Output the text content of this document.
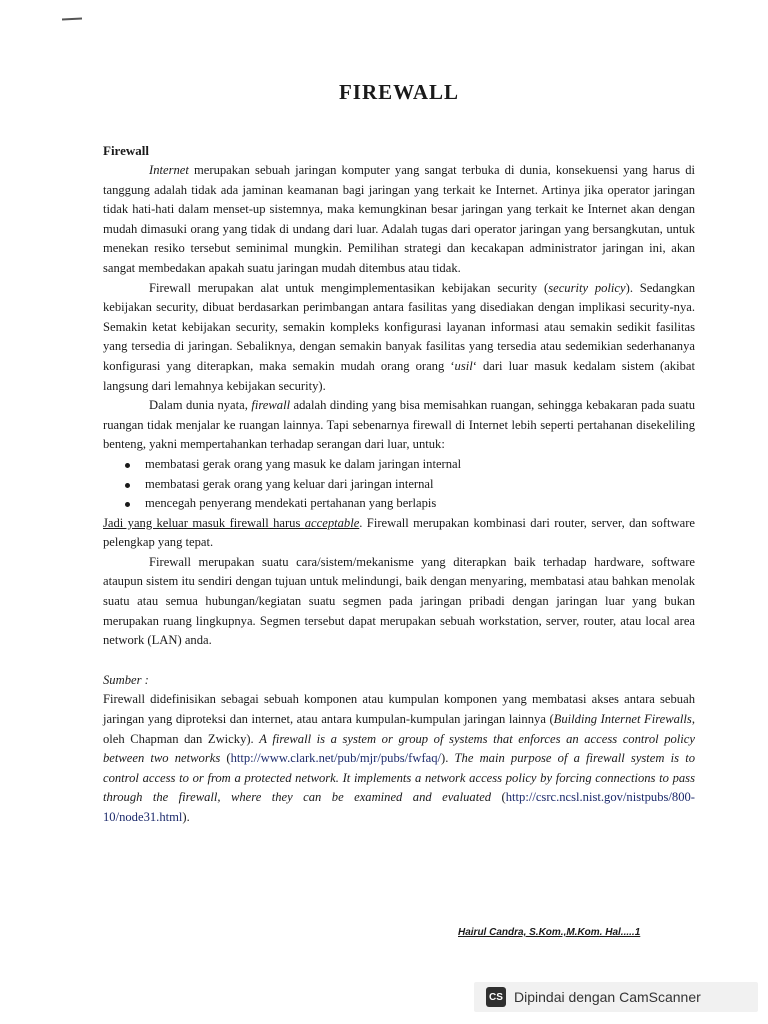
FIREWALL
Firewall

Internet merupakan sebuah jaringan komputer yang sangat terbuka di dunia, konsekuensi yang harus di tanggung adalah tidak ada jaminan keamanan bagi jaringan yang terkait ke Internet. Artinya jika operator jaringan tidak hati-hati dalam menset-up sistemnya, maka kemungkinan besar jaringan yang terkait ke Internet akan dengan mudah dimasuki orang yang tidak di undang dari luar. Adalah tugas dari operator jaringan yang bersangkutan, untuk menekan resiko tersebut seminimal mungkin. Pemilihan strategi dan kecakapan administrator jaringan ini, akan sangat membedakan apakah suatu jaringan mudah ditembus atau tidak.

Firewall merupakan alat untuk mengimplementasikan kebijakan security (security policy). Sedangkan kebijakan security, dibuat berdasarkan perimbangan antara fasilitas yang disediakan dengan implikasi security-nya. Semakin ketat kebijakan security, semakin kompleks konfigurasi layanan informasi atau semakin sedikit fasilitas yang tersedia di jaringan. Sebaliknya, dengan semakin banyak fasilitas yang tersedia atau sedemikian sederhananya konfigurasi yang diterapkan, maka semakin mudah orang orang ‘usil‘ dari luar masuk kedalam sistem (akibat langsung dari lemahnya kebijakan security).

Dalam dunia nyata, firewall adalah dinding yang bisa memisahkan ruangan, sehingga kebakaran pada suatu ruangan tidak menjalar ke ruangan lainnya. Tapi sebenarnya firewall di Internet lebih seperti pertahanan disekeliling benteng, yakni mempertahankan terhadap serangan dari luar, untuk:

membatasi gerak orang yang masuk ke dalam jaringan internal
membatasi gerak orang yang keluar dari jaringan internal
mencegah penyerang mendekati pertahanan yang berlapis

Jadi yang keluar masuk firewall harus acceptable. Firewall merupakan kombinasi dari router, server, dan software pelengkap yang tepat.

Firewall merupakan suatu cara/sistem/mekanisme yang diterapkan baik terhadap hardware, software ataupun sistem itu sendiri dengan tujuan untuk melindungi, baik dengan menyaring, membatasi atau bahkan menolak suatu atau semua hubungan/kegiatan suatu segmen pada jaringan pribadi dengan jaringan luar yang bukan merupakan ruang lingkupnya. Segmen tersebut dapat merupakan sebuah workstation, server, router, atau local area network (LAN) anda.

Sumber :

Firewall didefinisikan sebagai sebuah komponen atau kumpulan komponen yang membatasi akses antara sebuah jaringan yang diproteksi dan internet, atau antara kumpulan-kumpulan jaringan lainnya (Building Internet Firewalls, oleh Chapman dan Zwicky). A firewall is a system or group of systems that enforces an access control policy between two networks (http://www.clark.net/pub/mjr/pubs/fwfaq/). The main purpose of a firewall system is to control access to or from a protected network. It implements a network access policy by forcing connections to pass through the firewall, where they can be examined and evaluated (http://csrc.ncsl.nist.gov/nistpubs/800-10/node31.html).

Hairul Candra, S.Kom.,M.Kom. Hal.....1
CS Dipindai dengan CamScanner
